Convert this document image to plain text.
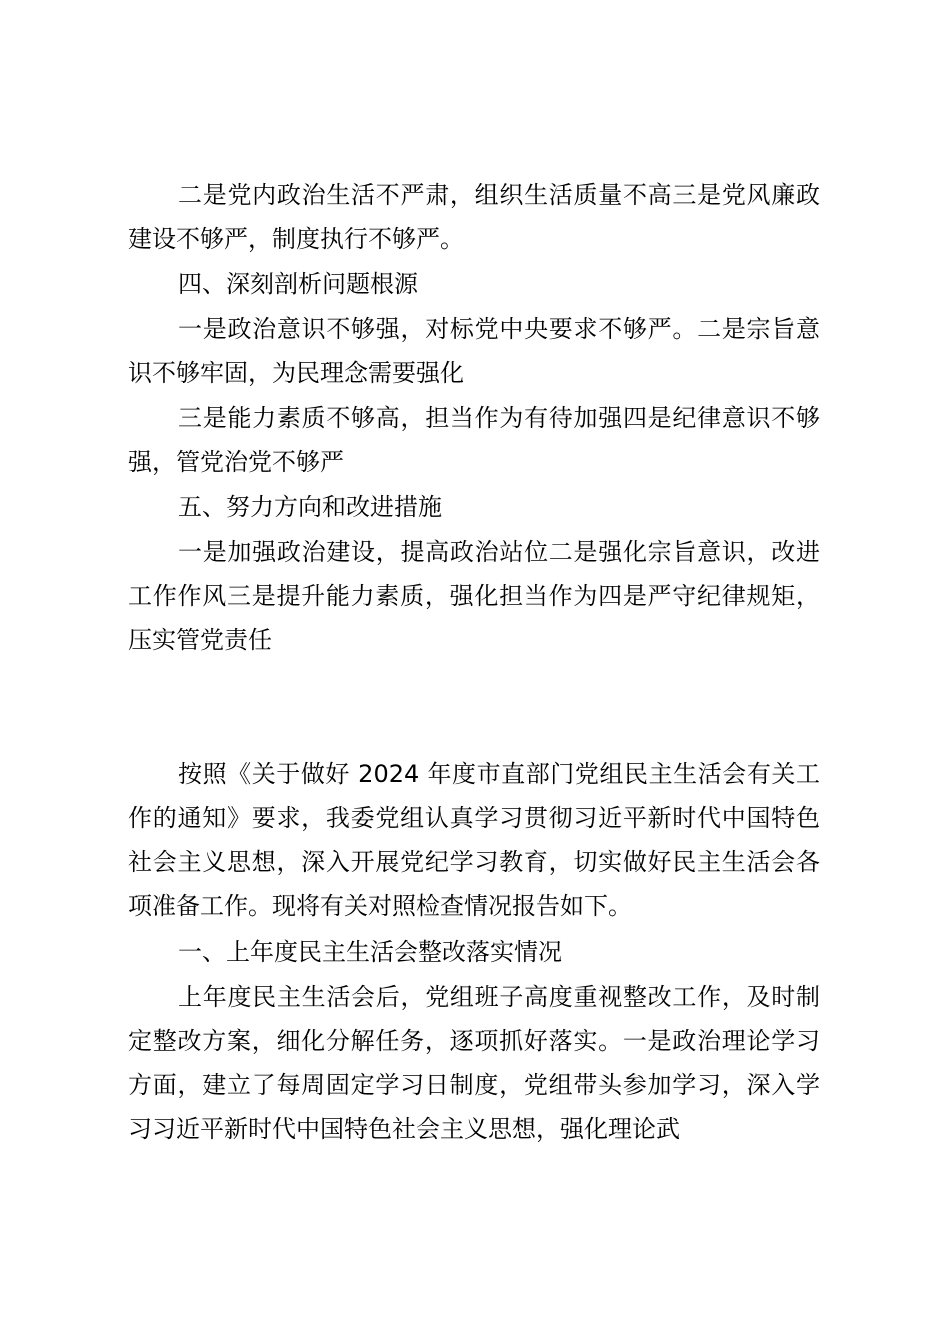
二是党内政治生活不严肃，组织生活质量不高三是党风廉政建设不够严，制度执行不够严。

四、深刻剖析问题根源

一是政治意识不够强，对标党中央要求不够严。二是宗旨意识不够牢固，为民理念需要强化

三是能力素质不够高，担当作为有待加强四是纪律意识不够强，管党治党不够严

五、努力方向和改进措施

一是加强政治建设，提高政治站位二是强化宗旨意识，改进工作作风三是提升能力素质，强化担当作为四是严守纪律规矩，压实管党责任

按照《关于做好 2024 年度市直部门党组民主生活会有关工作的通知》要求，我委党组认真学习贯彻习近平新时代中国特色社会主义思想，深入开展党纪学习教育，切实做好民主生活会各项准备工作。现将有关对照检查情况报告如下。

一、上年度民主生活会整改落实情况

上年度民主生活会后，党组班子高度重视整改工作，及时制定整改方案，细化分解任务，逐项抓好落实。一是政治理论学习方面，建立了每周固定学习日制度，党组带头参加学习，深入学习习近平新时代中国特色社会主义思想，强化理论武
